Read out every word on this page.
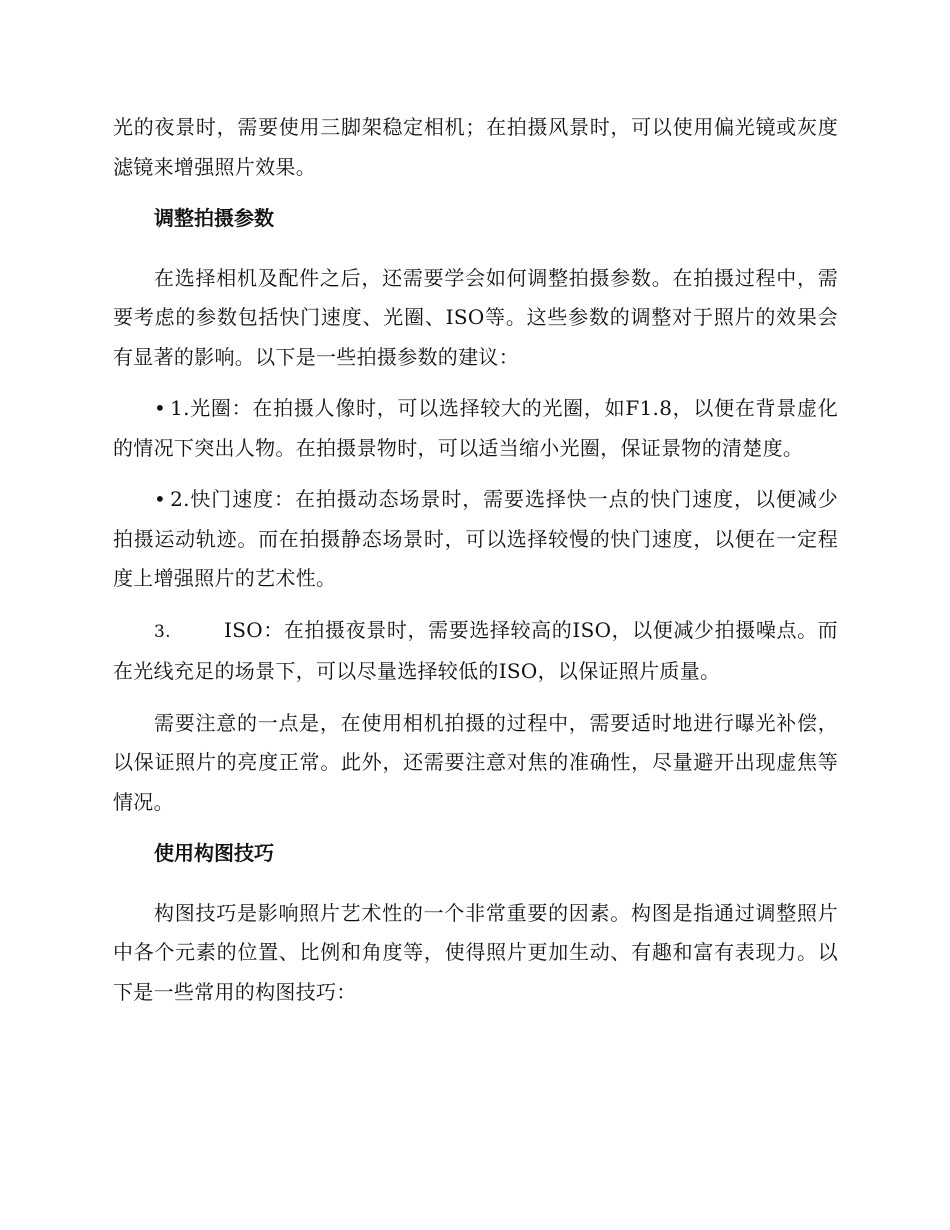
光的夜景时，需要使用三脚架稳定相机；在拍摄风景时，可以使用偏光镜或灰度滤镜来增强照片效果。

调整拍摄参数

在选择相机及配件之后，还需要学会如何调整拍摄参数。在拍摄过程中，需要考虑的参数包括快门速度、光圈、ISO等。这些参数的调整对于照片的效果会有显著的影响。以下是一些拍摄参数的建议：

• 1.光圈：在拍摄人像时，可以选择较大的光圈，如F1.8，以便在背景虚化的情况下突出人物。在拍摄景物时，可以适当缩小光圈，保证景物的清楚度。

• 2.快门速度：在拍摄动态场景时，需要选择快一点的快门速度，以便减少拍摄运动轨迹。而在拍摄静态场景时，可以选择较慢的快门速度，以便在一定程度上增强照片的艺术性。

3.	ISO：在拍摄夜景时，需要选择较高的ISO，以便减少拍摄噪点。而在光线充足的场景下，可以尽量选择较低的ISO，以保证照片质量。

需要注意的一点是，在使用相机拍摄的过程中，需要适时地进行曝光补偿，以保证照片的亮度正常。此外，还需要注意对焦的准确性，尽量避开出现虚焦等情况。

使用构图技巧

构图技巧是影响照片艺术性的一个非常重要的因素。构图是指通过调整照片中各个元素的位置、比例和角度等，使得照片更加生动、有趣和富有表现力。以下是一些常用的构图技巧：
